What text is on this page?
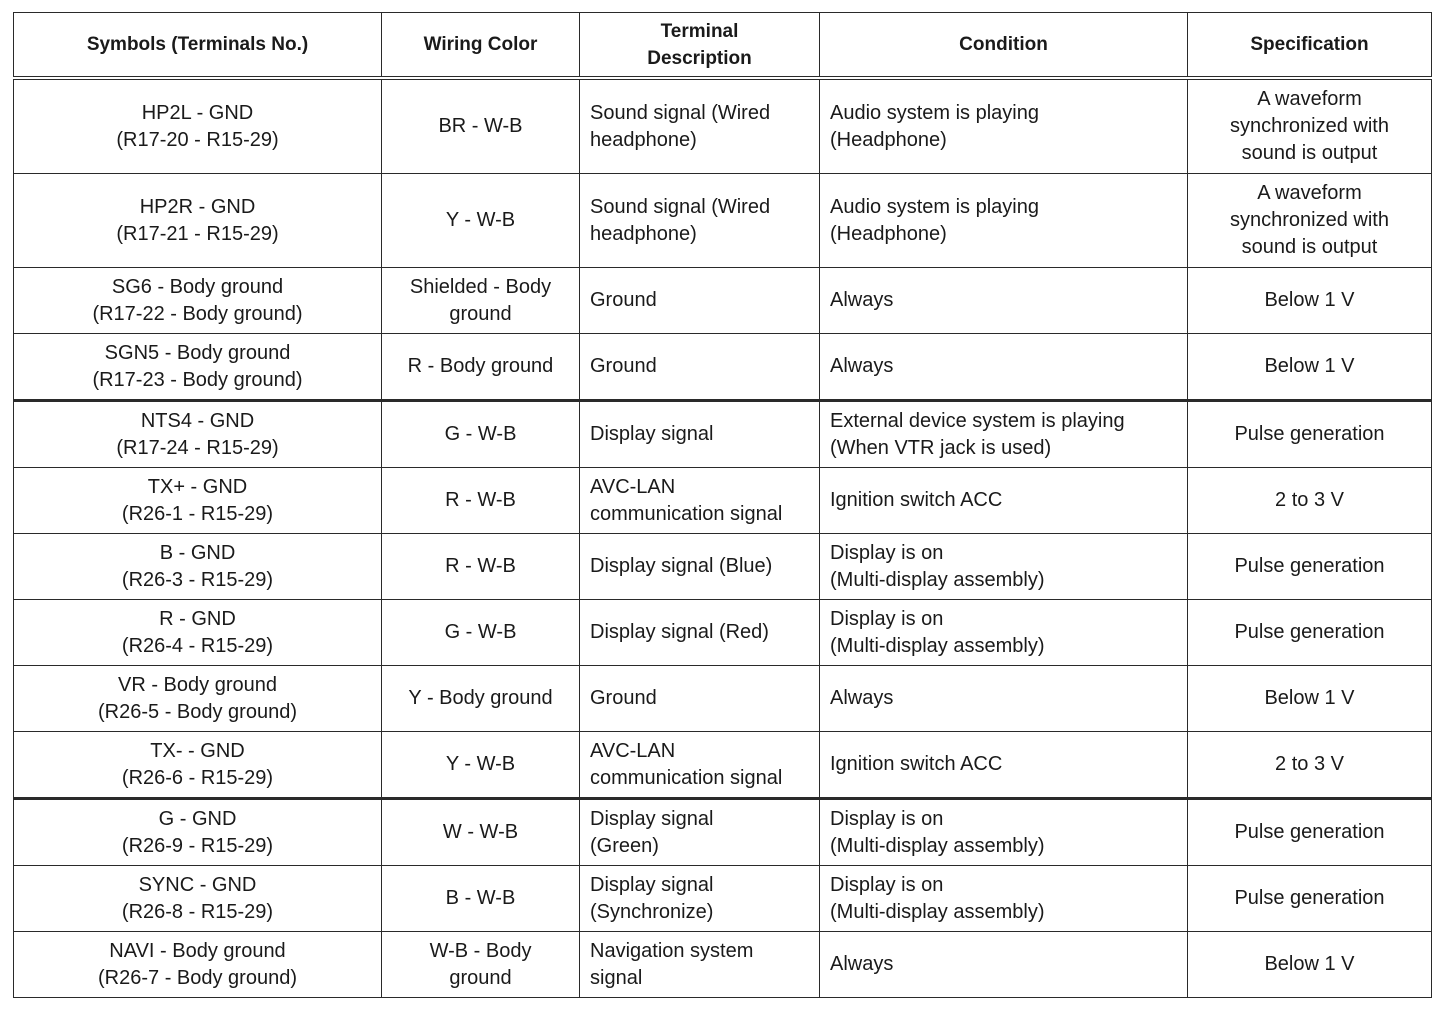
Symbols (Terminals No.)	Wiring Color	Terminal
Description	Condition	Specification

HP2L - GND
(R17-20 - R15-29)	BR - W-B	Sound signal (Wired
headphone)	Audio system is playing
(Headphone)	A waveform
synchronized with
sound is output

HP2R - GND
(R17-21 - R15-29)	Y - W-B	Sound signal (Wired
headphone)	Audio system is playing
(Headphone)	A waveform
synchronized with
sound is output

SG6 - Body ground
(R17-22 - Body ground)	Shielded - Body
ground	Ground	Always	Below 1 V

SGN5 - Body ground
(R17-23 - Body ground)	R - Body ground	Ground	Always	Below 1 V

NTS4 - GND
(R17-24 - R15-29)	G - W-B	Display signal	External device system is playing
(When VTR jack is used)	Pulse generation

TX+ - GND
(R26-1 - R15-29)	R - W-B	AVC-LAN
communication signal	Ignition switch ACC	2 to 3 V

B - GND
(R26-3 - R15-29)	R - W-B	Display signal (Blue)	Display is on
(Multi-display assembly)	Pulse generation

R - GND
(R26-4 - R15-29)	G - W-B	Display signal (Red)	Display is on
(Multi-display assembly)	Pulse generation

VR - Body ground
(R26-5 - Body ground)	Y - Body ground	Ground	Always	Below 1 V

TX- - GND
(R26-6 - R15-29)	Y - W-B	AVC-LAN
communication signal	Ignition switch ACC	2 to 3 V

G - GND
(R26-9 - R15-29)	W - W-B	Display signal
(Green)	Display is on
(Multi-display assembly)	Pulse generation

SYNC - GND
(R26-8 - R15-29)	B - W-B	Display signal
(Synchronize)	Display is on
(Multi-display assembly)	Pulse generation

NAVI - Body ground
(R26-7 - Body ground)	W-B - Body
ground	Navigation system
signal	Always	Below 1 V
